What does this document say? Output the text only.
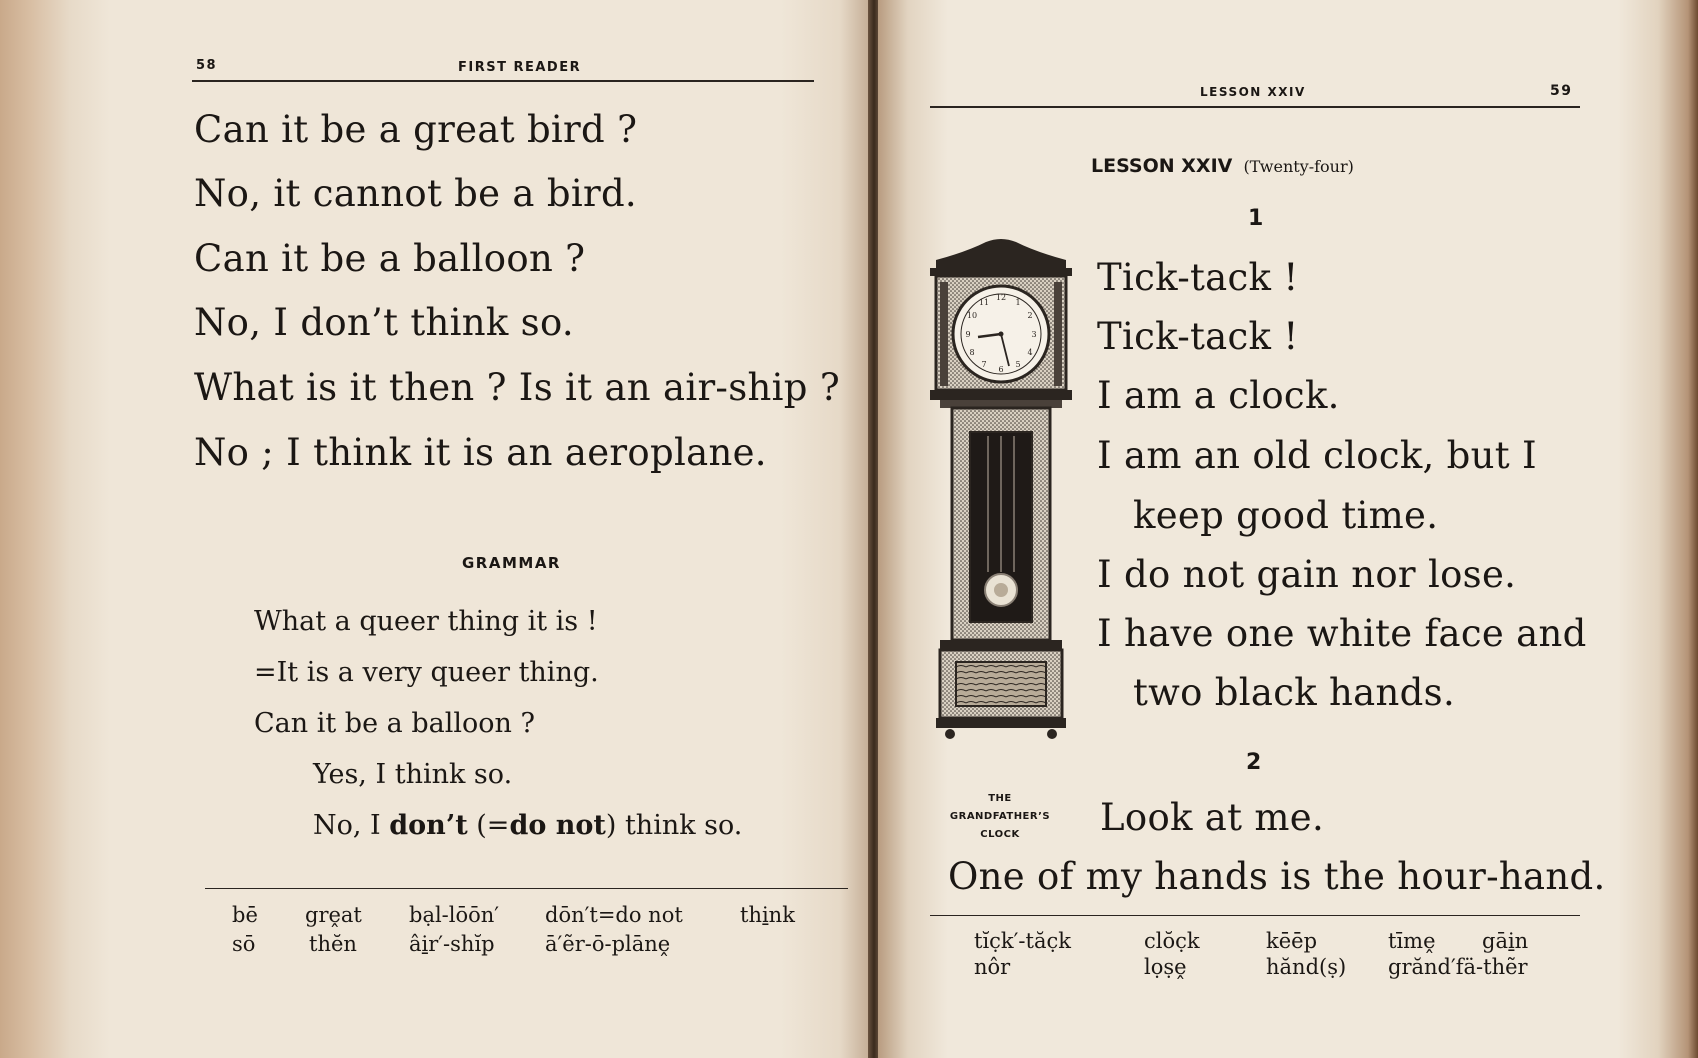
58	FIRST READER
Can it be a great bird ?
No, it cannot be a bird.
Can it be a balloon ?
No, I don’t think so.
What is it then ? Is it an air-ship ?
No ; I think it is an aeroplane.
GRAMMAR
What a queer thing it is !
=It is a very queer thing.
Can it be a balloon ?
Yes, I think so.
No, I don’t (=do not) think so.
bē grḙat bạl-lōōn′ dōn′t=do not	thi̱nk
sō	thĕn âi̱r′-shĭp ā′ẽr-ō-plānḙ
LESSON XXIV	59
LESSON XXIV (Twenty-four)
1
12
1
2
3
4
5
6
7
8
9
10
11
THE
GRANDFATHER’S
CLOCK
Tick-tack !
Tick-tack !
I am a clock.
I am an old clock, but I
keep good time.
I do not gain nor lose.
I have one white face and
two black hands.
2
Look at me.
One of my hands is the hour-hand.
tĭc̣k′-tăc̣k	clŏc̣k	kēēp	tīmḙ gāi̱n
nôr	lọṣḙ	hănd(ṣ) grănd′fä-thẽr
